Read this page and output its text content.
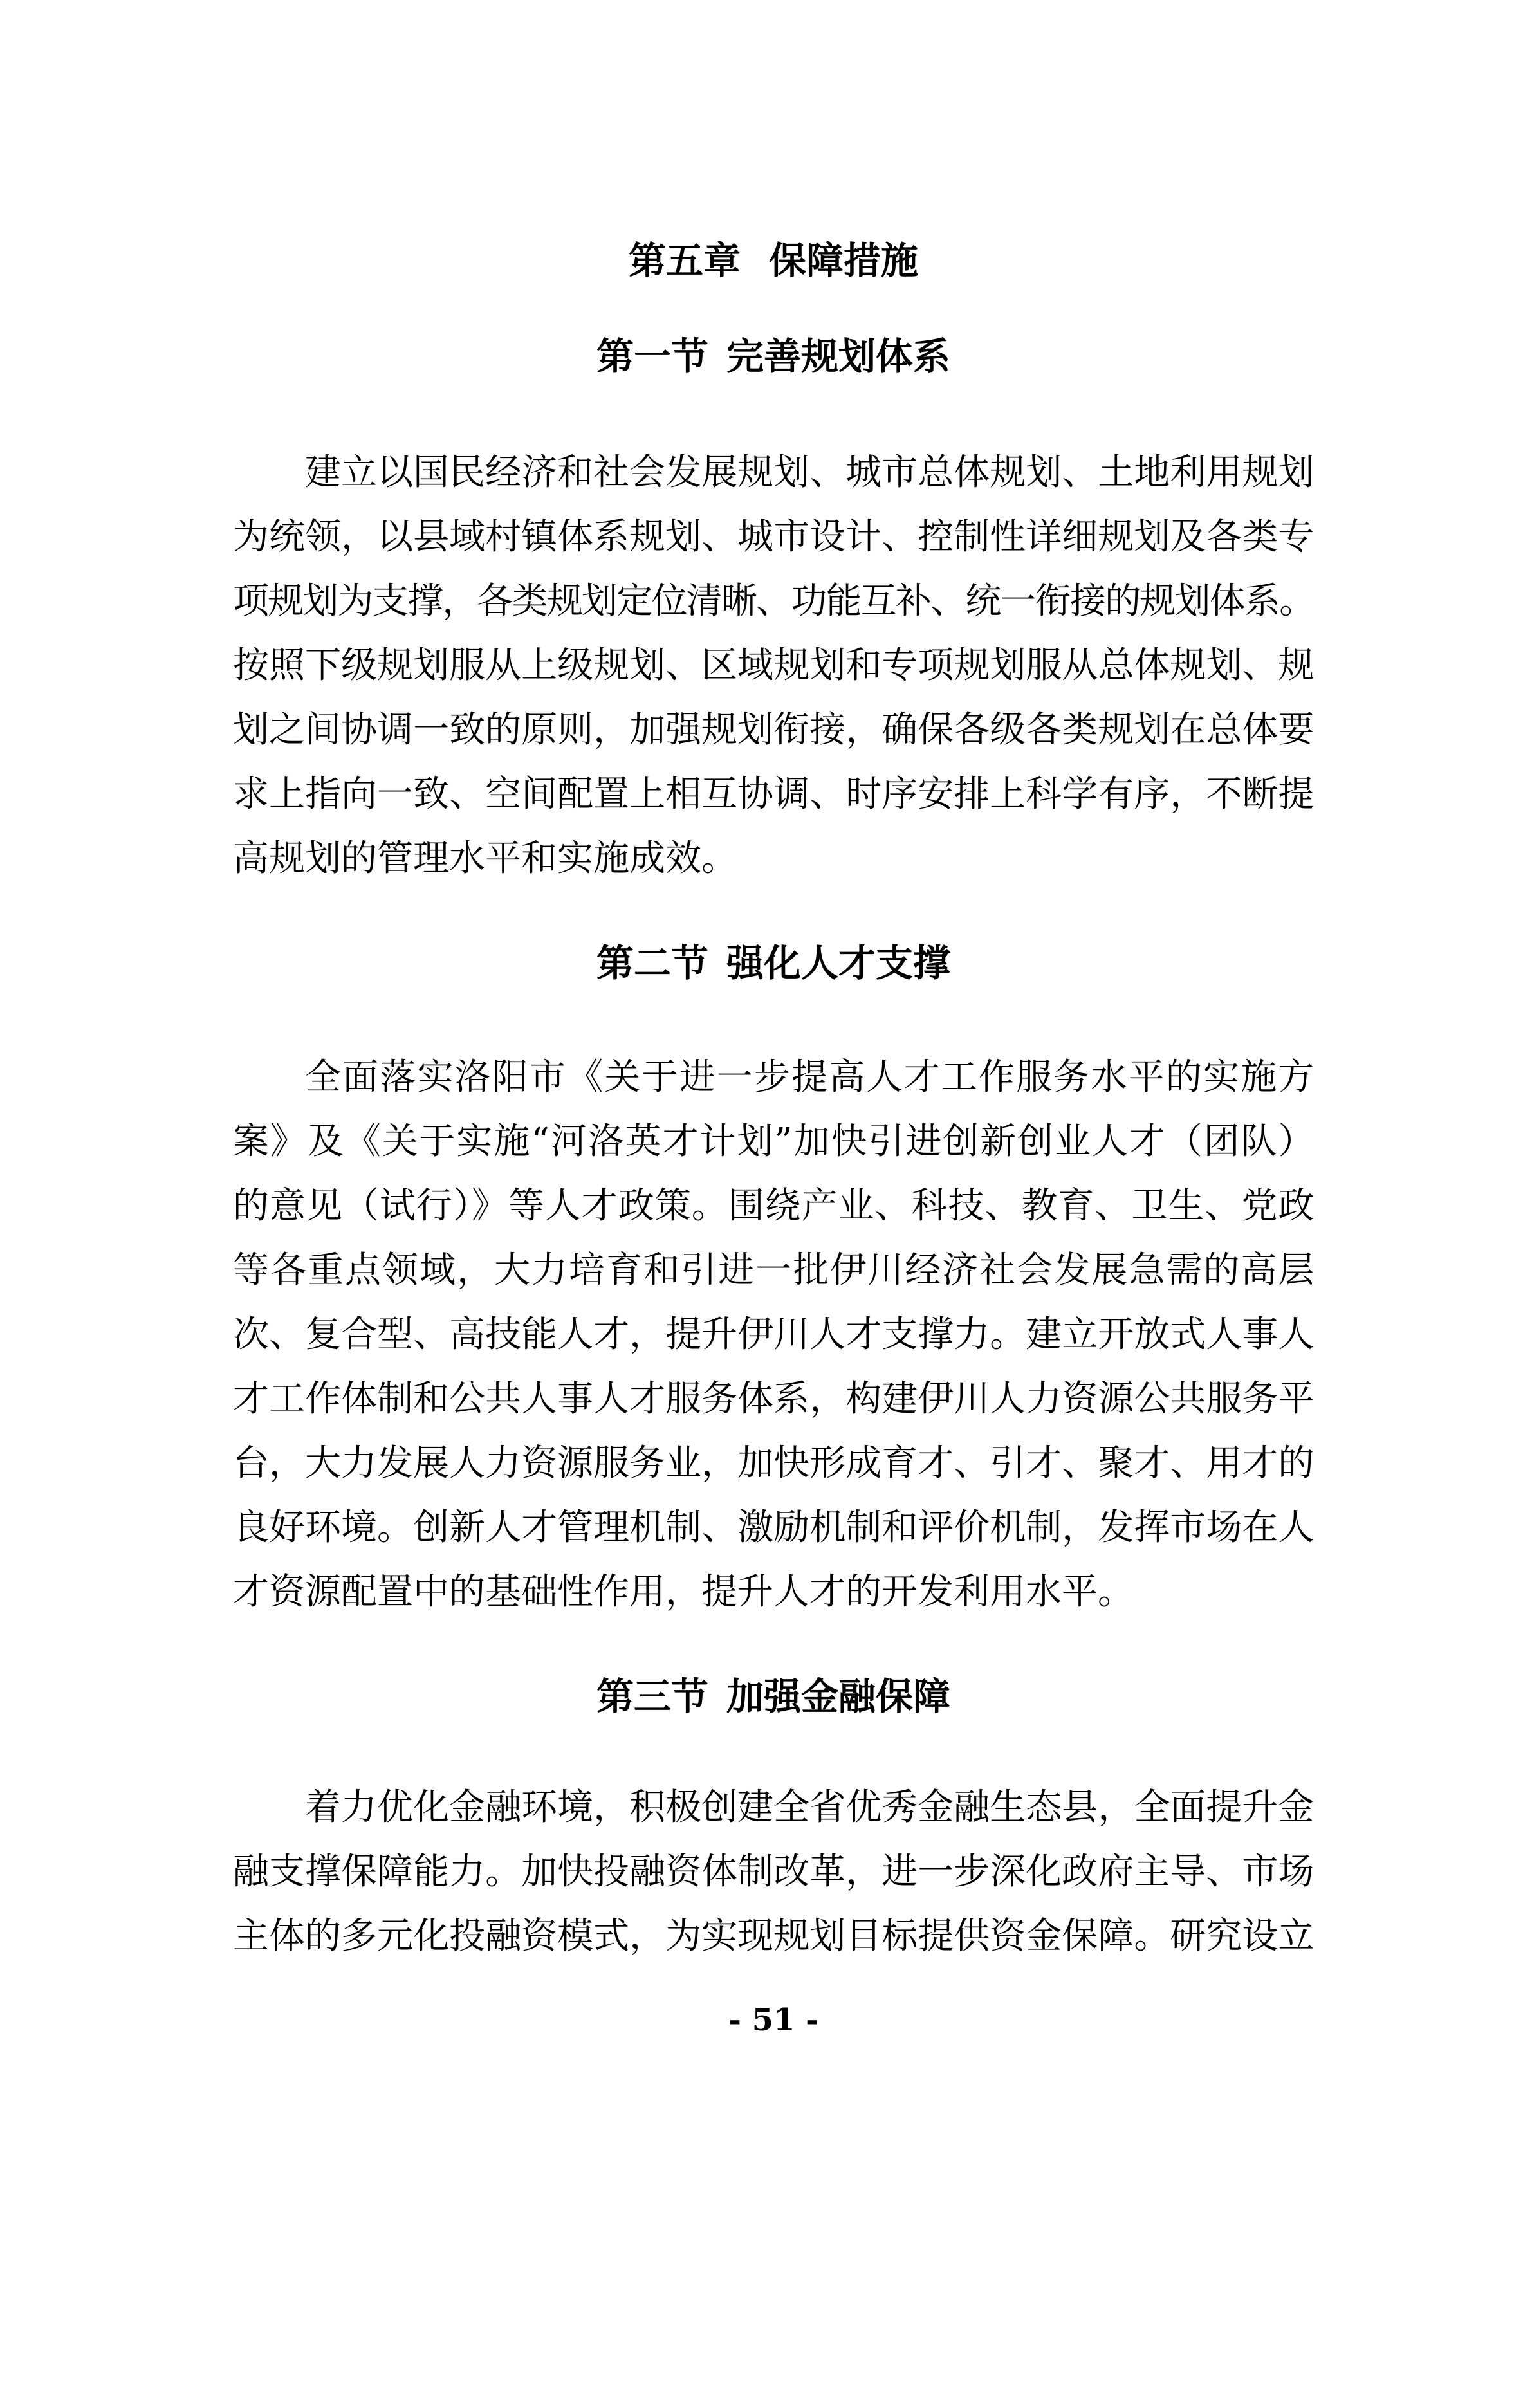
第五章 保障措施
第一节 完善规划体系
建立以国民经济和社会发展规划、城市总体规划、土地利用规划
为统领，以县域村镇体系规划、城市设计、控制性详细规划及各类专
项规划为支撑，各类规划定位清晰、功能互补、统一衔接的规划体系。
按照下级规划服从上级规划、区域规划和专项规划服从总体规划、规
划之间协调一致的原则，加强规划衔接，确保各级各类规划在总体要
求上指向一致、空间配置上相互协调、时序安排上科学有序，不断提
高规划的管理水平和实施成效。
第二节 强化人才支撑
全面落实洛阳市《关于进一步提高人才工作服务水平的实施方
案》及《关于实施“河洛英才计划”加快引进创新创业人才（团队）
的意见（试行）》等人才政策。围绕产业、科技、教育、卫生、党政
等各重点领域，大力培育和引进一批伊川经济社会发展急需的高层
次、复合型、高技能人才，提升伊川人才支撑力。建立开放式人事人
才工作体制和公共人事人才服务体系，构建伊川人力资源公共服务平
台，大力发展人力资源服务业，加快形成育才、引才、聚才、用才的
良好环境。创新人才管理机制、激励机制和评价机制，发挥市场在人
才资源配置中的基础性作用，提升人才的开发利用水平。
第三节 加强金融保障
着力优化金融环境，积极创建全省优秀金融生态县，全面提升金
融支撑保障能力。加快投融资体制改革，进一步深化政府主导、市场
主体的多元化投融资模式，为实现规划目标提供资金保障。研究设立
- 51 -
